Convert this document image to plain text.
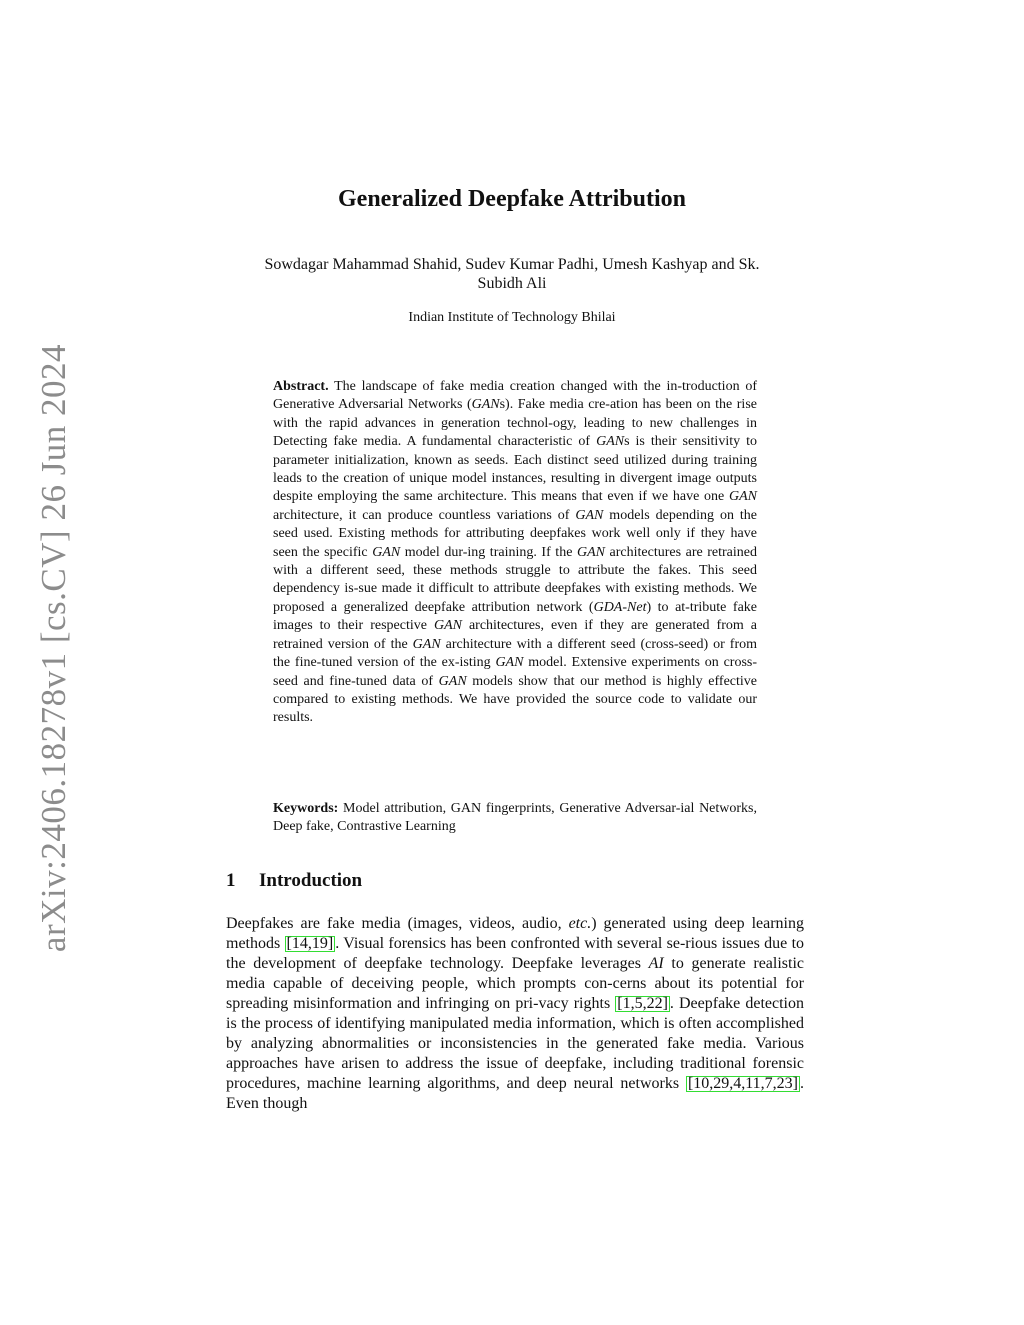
arXiv:2406.18278v1 [cs.CV] 26 Jun 2024
Generalized Deepfake Attribution
Sowdagar Mahammad Shahid, Sudev Kumar Padhi, Umesh Kashyap and Sk.
Subidh Ali
Indian Institute of Technology Bhilai
Abstract. The landscape of fake media creation changed with the in-troduction of Generative Adversarial Networks (GANs). Fake media cre-ation has been on the rise with the rapid advances in generation technol-ogy, leading to new challenges in Detecting fake media. A fundamental characteristic of GANs is their sensitivity to parameter initialization, known as seeds. Each distinct seed utilized during training leads to the creation of unique model instances, resulting in divergent image outputs despite employing the same architecture. This means that even if we have one GAN architecture, it can produce countless variations of GAN models depending on the seed used. Existing methods for attributing deepfakes work well only if they have seen the specific GAN model dur-ing training. If the GAN architectures are retrained with a different seed, these methods struggle to attribute the fakes. This seed dependency is-sue made it difficult to attribute deepfakes with existing methods. We proposed a generalized deepfake attribution network (GDA-Net) to at-tribute fake images to their respective GAN architectures, even if they are generated from a retrained version of the GAN architecture with a different seed (cross-seed) or from the fine-tuned version of the ex-isting GAN model. Extensive experiments on cross-seed and fine-tuned data of GAN models show that our method is highly effective compared to existing methods. We have provided the source code to validate our results.
Keywords: Model attribution, GAN fingerprints, Generative Adversar-ial Networks, Deep fake, Contrastive Learning
1 Introduction
Deepfakes are fake media (images, videos, audio, etc.) generated using deep learning methods [14,19] . Visual forensics has been confronted with several se-rious issues due to the development of deepfake technology. Deepfake leverages AI to generate realistic media capable of deceiving people, which prompts con-cerns about its potential for spreading misinformation and infringing on pri-vacy rights [1,5,22] . Deepfake detection is the process of identifying manipulated media information, which is often accomplished by analyzing abnormalities or inconsistencies in the generated fake media. Various approaches have arisen to address the issue of deepfake, including traditional forensic procedures, machine learning algorithms, and deep neural networks [10,29,4,11,7,23] . Even though
